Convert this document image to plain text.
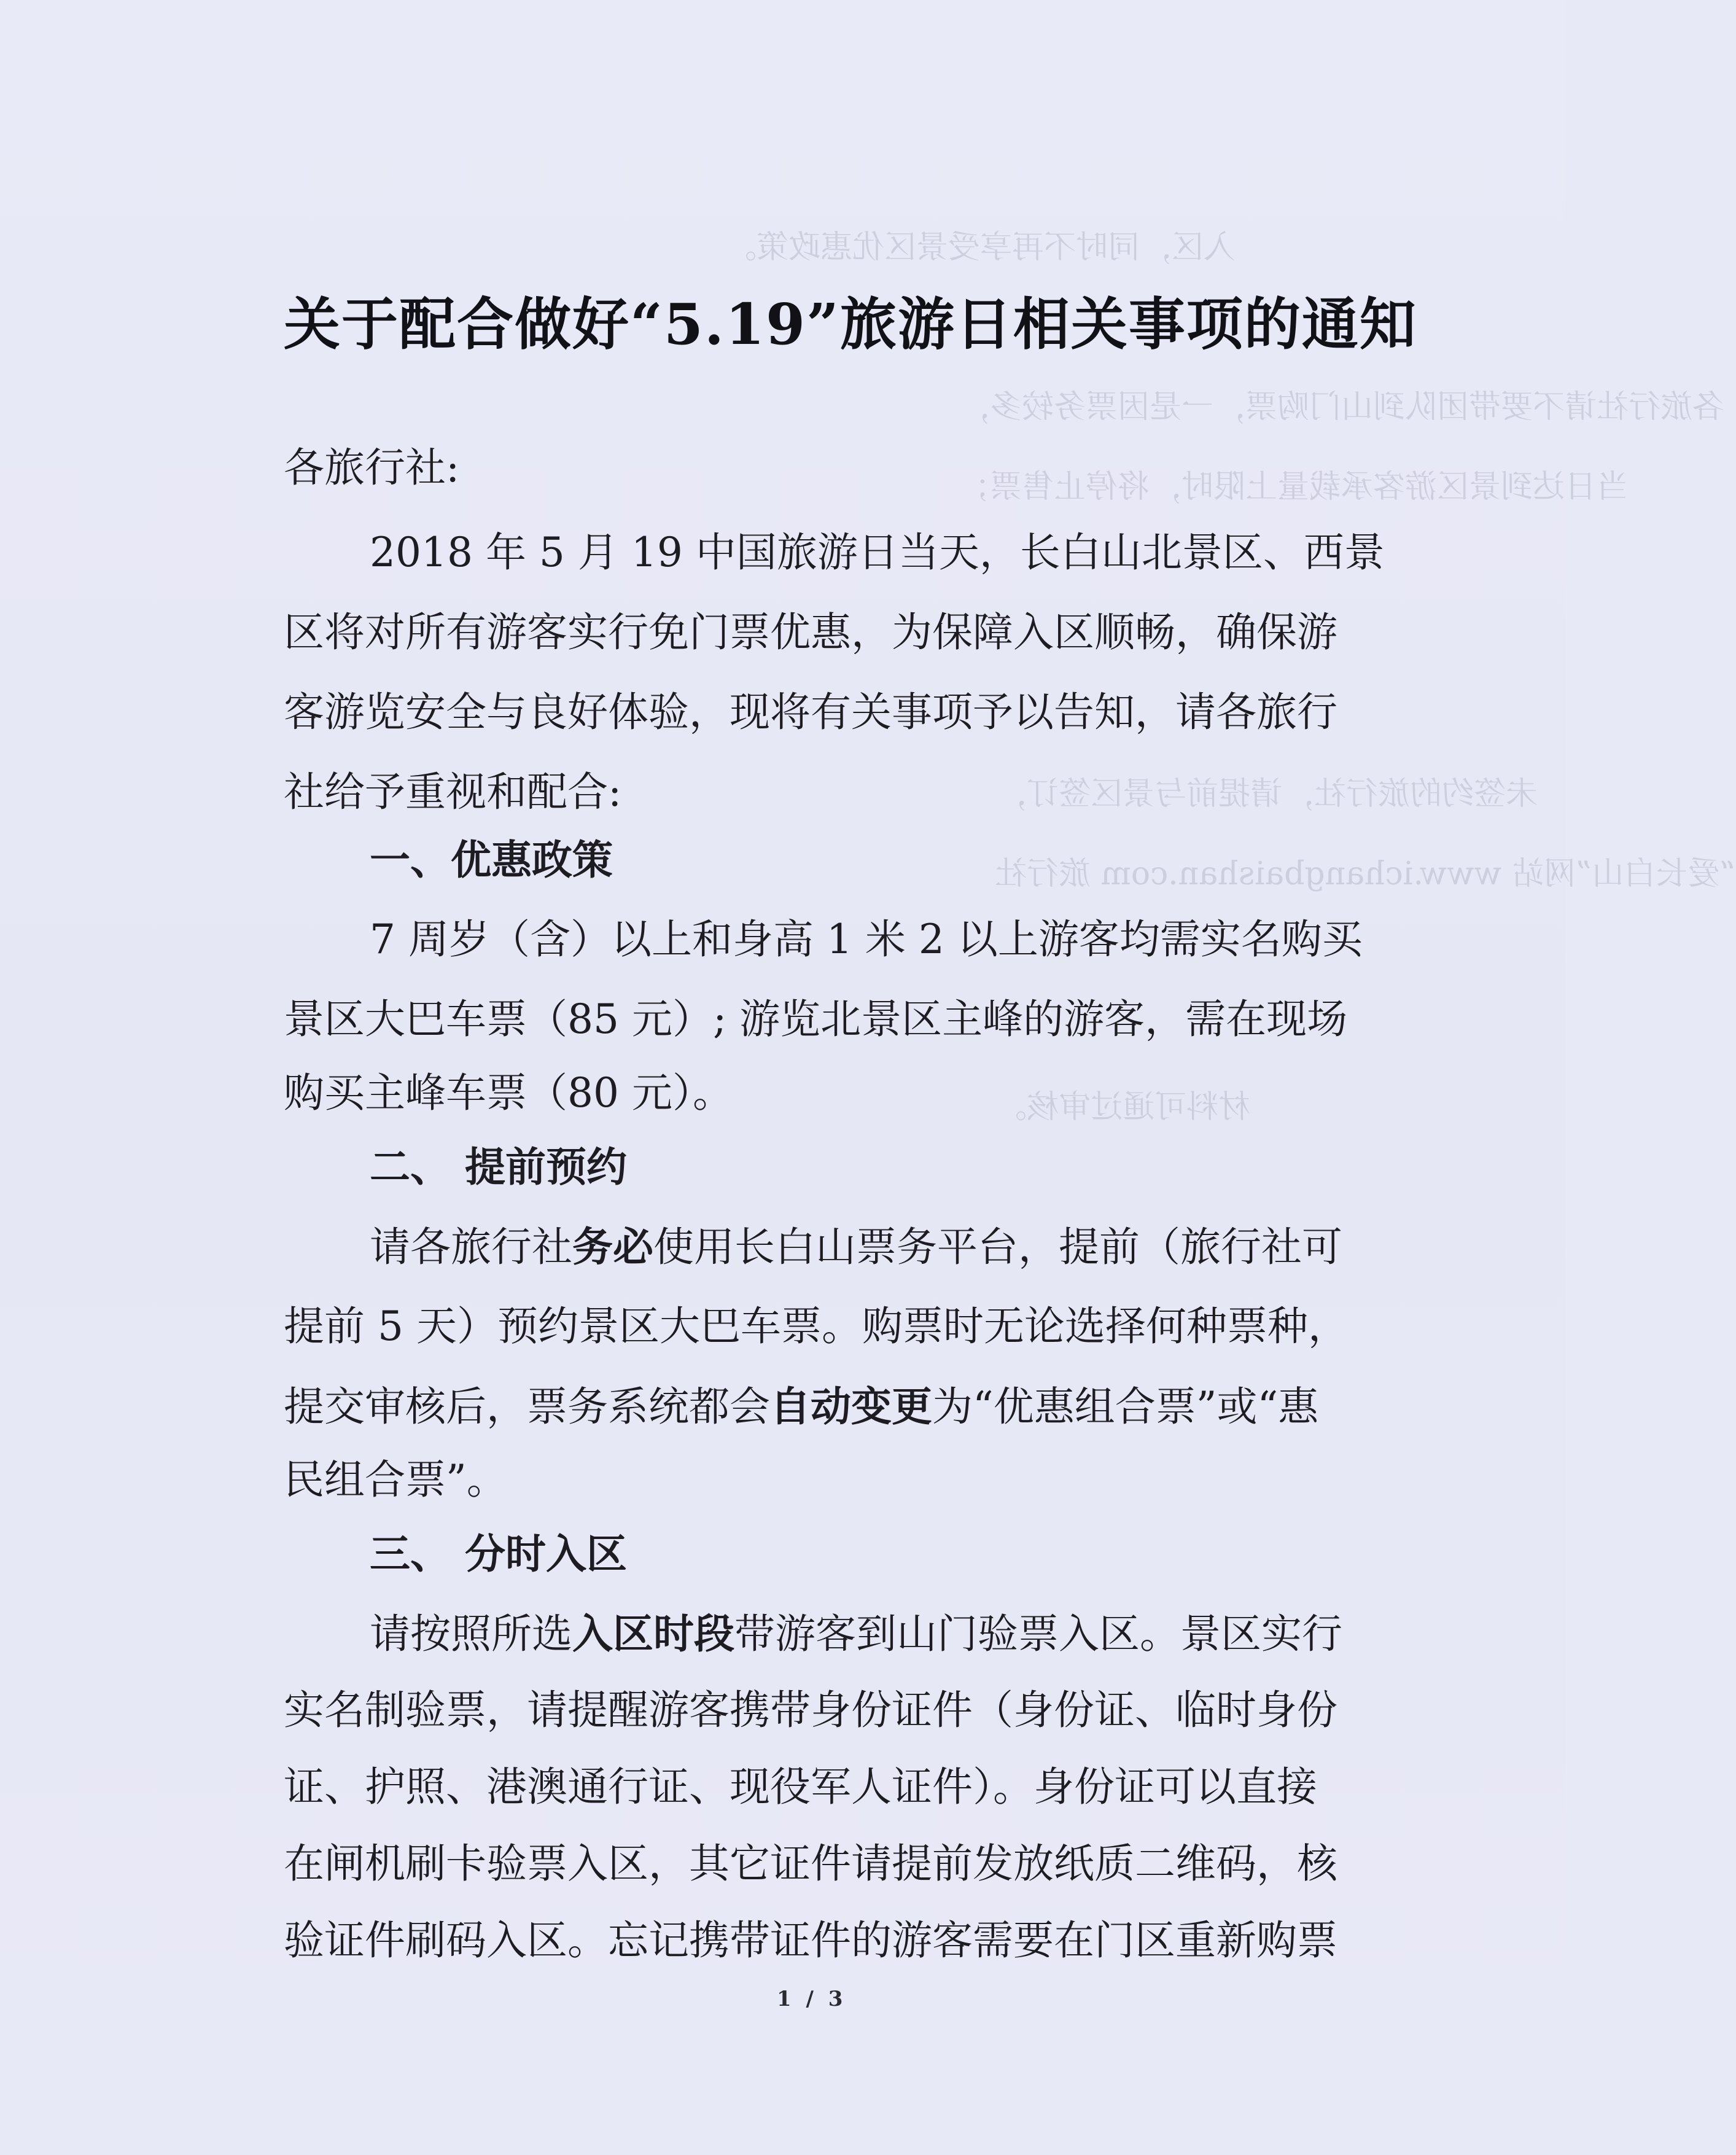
入区，同时不再享受景区优惠政策。
各旅行社请不要带团队到山门购票，一是因票务较多，
当日达到景区游客承载量上限时，将停止售票；
未签约的旅行社，请提前与景区签订，
“爱长白山”网站 www.ichangbaishan.com 旅行社
材料可通过审核。
关于配合做好“5.19”旅游日相关事项的通知
各旅行社:
2018 年 5 月 19 中国旅游日当天，长白山北景区、西景
区将对所有游客实行免门票优惠，为保障入区顺畅，确保游
客游览安全与良好体验，现将有关事项予以告知，请各旅行
社给予重视和配合:
一、优惠政策
7 周岁（含）以上和身高 1 米 2 以上游客均需实名购买
景区大巴车票（85 元）; 游览北景区主峰的游客，需在现场
购买主峰车票（80 元）。
二、 提前预约
请各旅行社务必使用长白山票务平台，提前（旅行社可
提前 5 天）预约景区大巴车票。购票时无论选择何种票种，
提交审核后，票务系统都会自动变更为“优惠组合票”或“惠
民组合票”。
三、 分时入区
请按照所选入区时段带游客到山门验票入区。景区实行
实名制验票，请提醒游客携带身份证件（身份证、临时身份
证、护照、港澳通行证、现役军人证件）。身份证可以直接
在闸机刷卡验票入区，其它证件请提前发放纸质二维码，核
验证件刷码入区。忘记携带证件的游客需要在门区重新购票
1 / 3
